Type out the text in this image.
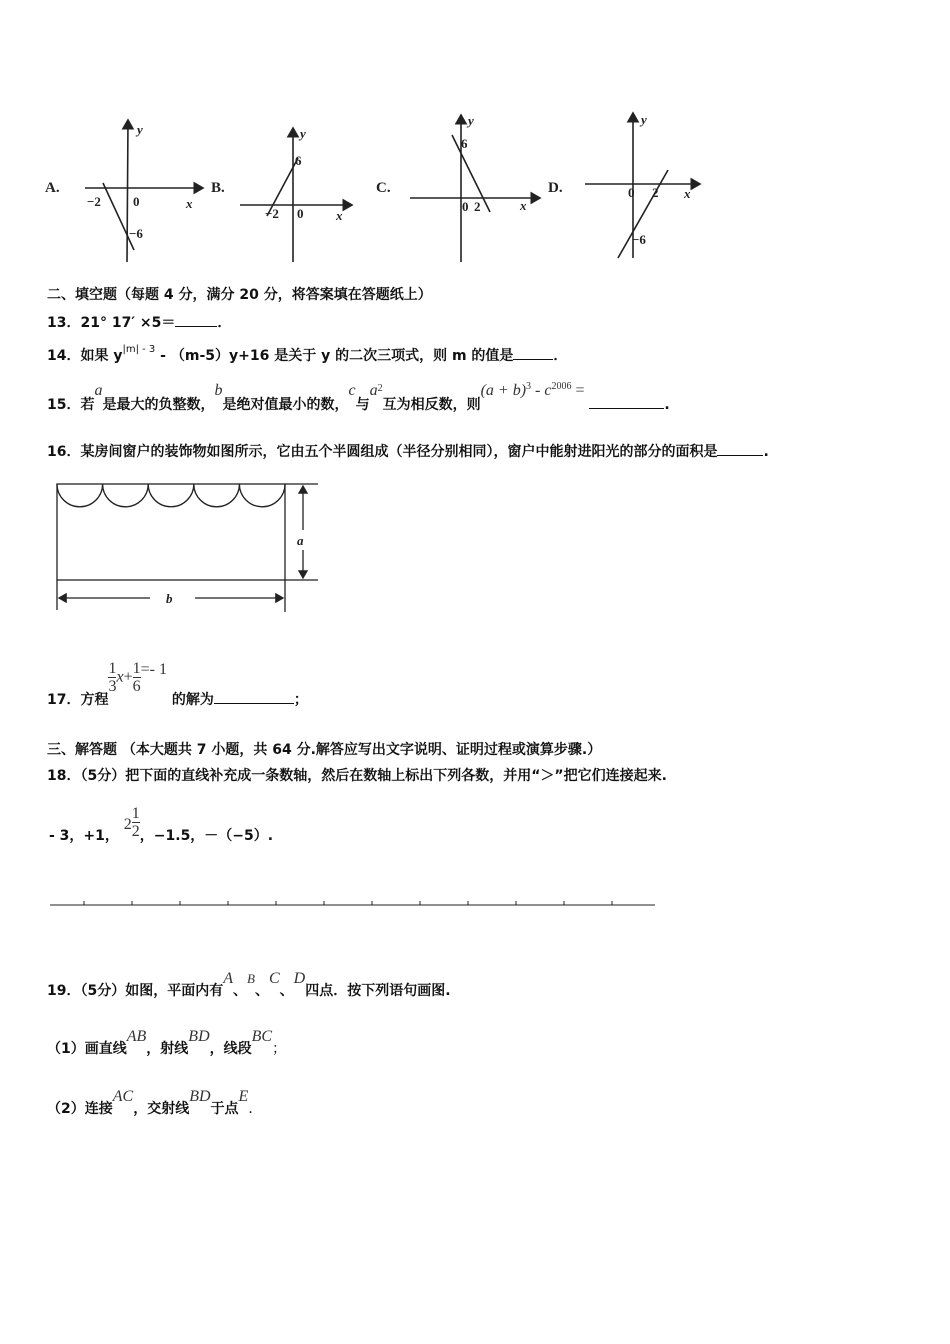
A.
−2 0	x
−6
y
B.
−2 0	x
6
y
C.
0 2	x
6
y
D.	0 2 x
−6
y
二、填空题（每题 4 分，满分 20 分，将答案填在答题纸上）
13．21° 17′ ×5＝	．
14．如果 $y^{|m| - 3} - (m-5)y+16$ 是关于 y 的二次三项式，则 m 的值是	．
15．若a是最大的负整数，b是绝对值最小的数，c与$a^2$互为相反数，则$(a + b)^3 - c^{2006}$ = .
16．某房间窗户的装饰物如图所示，它由五个半圆组成（半径分别相同），窗户中能射进阳光的部分的面积是	.
a
b
17．方程
$\frac{1}{3} x+ \frac{1}{6} =- 1$ 的解为	；
三、解答题 （本大题共 7 小题，共 64 分.解答应写出文字说明、证明过程或演算步骤.）
18．（5分）把下面的直线补充成一条数轴，然后在数轴上标出下列各数，并用“＞”把它们连接起来.
- 3，+1， $2 \frac{1}{2}$ ，−1.5，－（−5）.
19．（5分）如图，平面内有A、B、C、D四点．按下列语句画图.
（1）画直线AB，射线BD，线段BC；
（2）连接AC，交射线BD于点E．
